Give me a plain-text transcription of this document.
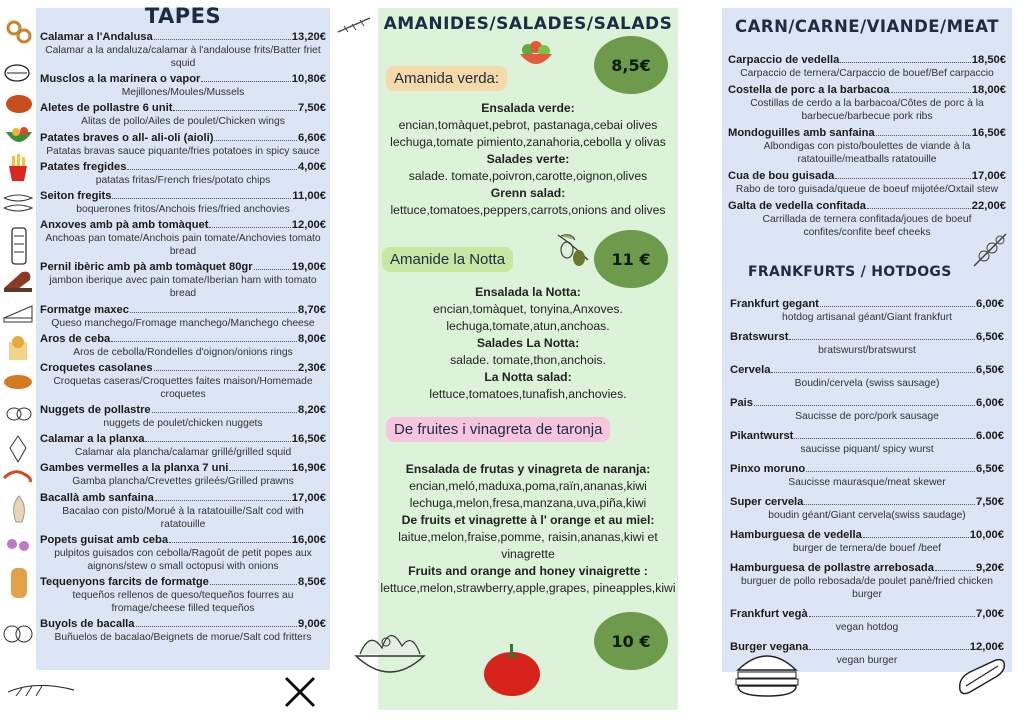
TAPES
Calamar a l'Andalusa	13,20€
Calamar a la andaluza/calamar à l'andalouse frits/Batter friet squid
Musclos a la marinera o vapor	10,80€
Mejillones/Moules/Mussels
Aletes de pollastre 6 unit	7,50€
Alitas de pollo/Ailes de poulet/Chicken wings
Patates braves o all- ali-oli (aioli)	6,60€
Patatas bravas sauce piquante/fries potatoes in spicy sauce
Patates fregides	4,00€
patatas fritas/French fries/potato chips
Seiton fregits	11,00€
boquerones fritos/Anchois fries/fried anchovies
Anxoves amb pà amb tomàquet	12,00€
Anchoas pan tomate/Anchois pain tomate/Anchovies tomato bread
Pernil ibèric amb pà amb tomàquet 80gr	19,00€
jambon iberique avec pain tomate/Iberian ham with tomato bread
Formatge maxec	8,70€
Queso manchego/Fromage manchego/Manchego cheese
Aros de ceba	8,00€
Aros de cebolla/Rondelles d'oignon/onions rings
Croquetes casolanes	2,30€
Croquetas caseras/Croquettes faites maison/Homemade croquetes
Nuggets de pollastre	8,20€
nuggets de poulet/chicken nuggets
Calamar a la planxa	16,50€
Calamar ala plancha/calamar grillé/grilled squid
Gambes vermelles a la planxa 7 uni	16,90€
Gamba plancha/Crevettes grileés/Grilled prawns
Bacallà amb sanfaina	17,00€
Bacalao con pisto/Morué à la ratatouille/Salt cod with ratatouille
Popets guisat amb ceba	16,00€
pulpitos guisados con cebolla/Ragoût de petit popes aux aignons/stew o small octopusi with onions
Tequenyons farcits de formatge	8,50€
tequeños rellenos de queso/tequeños fourres au fromage/cheese filled tequeños
Buyols de bacalla	9,00€
Buñuelos de bacalao/Beignets de morue/Salt cod fritters
AMANIDES/SALADES/SALADS
Amanida verda:
8,5€
Ensalada verde:
encian,tomàquet,pebrot, pastanaga,cebai olives
lechuga,tomate pimiento,zanahoria,cebolla y olivas
Salades verte:
salade. tomate,poivron,carotte,oignon,olives
Grenn salad:
lettuce,tomatoes,peppers,carrots,onions and olives
Amanide la Notta	11 €
Ensalada la Notta:
encian,tomàquet, tonyina,Anxoves.
lechuga,tomate,atun,anchoas.
Salades La Notta:
salade. tomate,thon,anchois.
La Notta salad:
lettuce,tomatoes,tunafish,anchovies.
De fruites i vinagreta de taronja
Ensalada de frutas y vinagreta de naranja:
encian,meló,maduxa,poma,raïn,ananas,kiwi
lechuga,melon,fresa,manzana,uva,piña,kiwi
De fruits et vinagrette à l' orange et au miel:
laitue,melon,fraise,pomme, raisin,ananas,kiwi et vinagrette
Fruits and orange and honey vinaigrette :
lettuce,melon,strawberry,apple,grapes, pineapples,kiwi
10 €
CARN/CARNE/VIANDE/MEAT
Carpaccio de vedella	18,50€
Carpaccio de ternera/Carpaccio de bouef/Bef carpaccio
Costella de porc a la barbacoa	18,00€
Costillas de cerdo a la barbacoa/Côtes de porc à la barbecue/barbecue pork ribs
Mondoguilles amb sanfaina	16,50€
Albondigas con pisto/boulettes de viande à la ratatouille/meatballs ratatouille
Cua de bou guisada	17,00€
Rabo de toro guisada/queue de boeuf mijotée/Oxtail stew
Galta de vedella confitada	22,00€
Carrillada de ternera confitada/joues de boeuf confites/confite beef cheeks
FRANKFURTS / HOTDOGS
Frankfurt gegant	6,00€
hotdog artisanal géant/Giant frankfurt
Bratswurst	6,50€
bratswurst/bratswurst
Cervela	6,50€
Boudin/cervela (swiss sausage)
Pais	6,00€
Saucisse de porc/pork sausage
Pikantwurst	6.00€
saucisse piquant/ spicy wurst
Pinxo moruno	6,50€
Saucisse maurasque/meat skewer
Super cervela	7,50€
boudin géant/Giant cervela(swiss saudage)
Hamburguesa de vedella	10,00€
burger de ternera/de bouef /beef
Hamburguesa de pollastre arrebosada	9,20€
burguer de pollo rebosada/de poulet panè/fried chicken burger
Frankfurt vegà	7,00€
vegan hotdog
Burger vegana	12,00€
vegan burger
